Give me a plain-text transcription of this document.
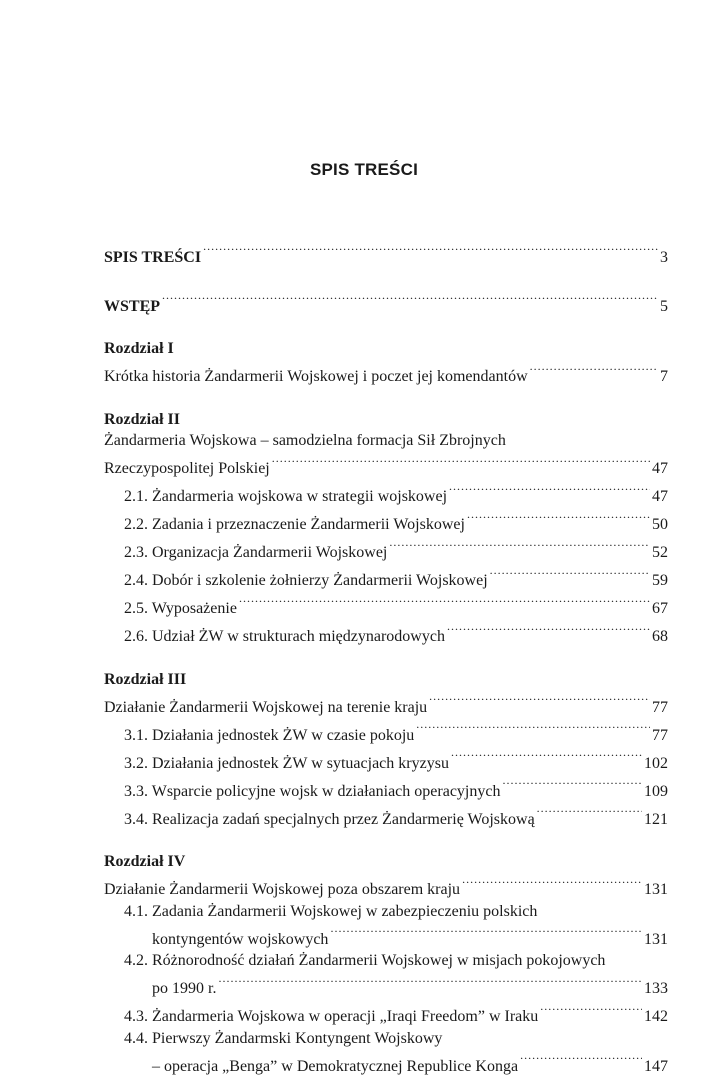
SPIS TREŚCI
SPIS TREŚCI .....	3
WSTĘP .....	5
Rozdział I
Krótka historia Żandarmerii Wojskowej i poczet jej komendantów .....	7
Rozdział II
Żandarmeria Wojskowa – samodzielna formacja Sił Zbrojnych
Rzeczypospolitej Polskiej .....	47
2.1. Żandarmeria wojskowa w strategii wojskowej .....	47
2.2. Zadania i przeznaczenie Żandarmerii Wojskowej .....	50
2.3. Organizacja Żandarmerii Wojskowej .....	52
2.4. Dobór i szkolenie żołnierzy Żandarmerii Wojskowej .....	59
2.5. Wyposażenie .....	67
2.6. Udział ŻW w strukturach międzynarodowych .....	68
Rozdział III
Działanie Żandarmerii Wojskowej na terenie kraju .....	77
3.1. Działania jednostek ŻW w czasie pokoju .....	77
3.2. Działania jednostek ŻW w sytuacjach kryzysu .....	102
3.3. Wsparcie policyjne wojsk w działaniach operacyjnych .....	109
3.4. Realizacja zadań specjalnych przez Żandarmerię Wojskową .....	121
Rozdział IV
Działanie Żandarmerii Wojskowej poza obszarem kraju .....	131
4.1. Zadania Żandarmerii Wojskowej w zabezpieczeniu polskich
kontyngentów wojskowych .....	131
4.2. Różnorodność działań Żandarmerii Wojskowej w misjach pokojowych
po 1990 r. .....	133
4.3. Żandarmeria Wojskowa w operacji „Iraqi Freedom” w Iraku .....	142
4.4. Pierwszy Żandarmski Kontyngent Wojskowy
– operacja „Benga” w Demokratycznej Republice Konga .....	147
